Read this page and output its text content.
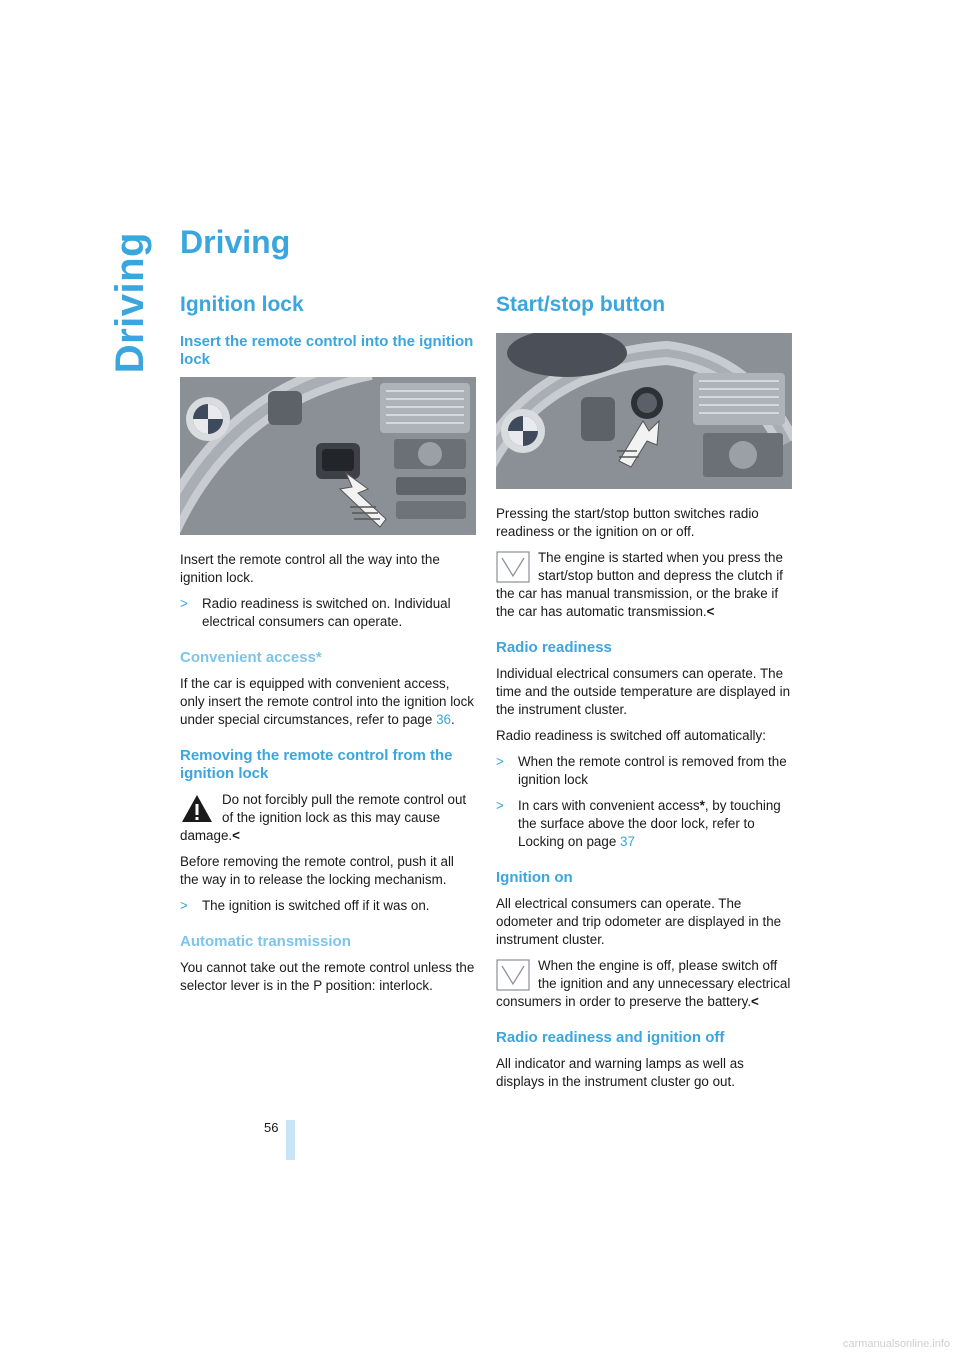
Driving Driving
Ignition lock
Insert the remote control into the ignition lock

Insert the remote control all the way into the ignition lock.

>	Radio readiness is switched on. Individual electrical consumers can operate.
Convenient access*

If the car is equipped with convenient access, only insert the remote control into the ignition lock under special circumstances, refer to page 36.

Removing the remote control from the ignition lock
Do not forcibly pull the remote control out of the ignition lock as this may cause damage.<

Before removing the remote control, push it all the way in to release the locking mechanism.

>	The ignition is switched off if it was on.
Automatic transmission

You cannot take out the remote control unless the selector lever is in the P position: interlock.

Start/stop button

Pressing the start/stop button switches radio readiness or the ignition on or off.

The engine is started when you press the start/stop button and depress the clutch if the car has manual transmission, or the brake if the car has automatic transmission.<
Radio readiness

Individual electrical consumers can operate. The time and the outside temperature are displayed in the instrument cluster.

Radio readiness is switched off automatically:

>	When the remote control is removed from the ignition lock
>	In cars with convenient access*, by touching the surface above the door lock, refer to Locking on page 37
Ignition on

All electrical consumers can operate. The odometer and trip odometer are displayed in the instrument cluster.

When the engine is off, please switch off the ignition and any unnecessary electrical consumers in order to preserve the battery.<
Radio readiness and ignition off

All indicator and warning lamps as well as displays in the instrument cluster go out.

56
carmanualsonline.info
